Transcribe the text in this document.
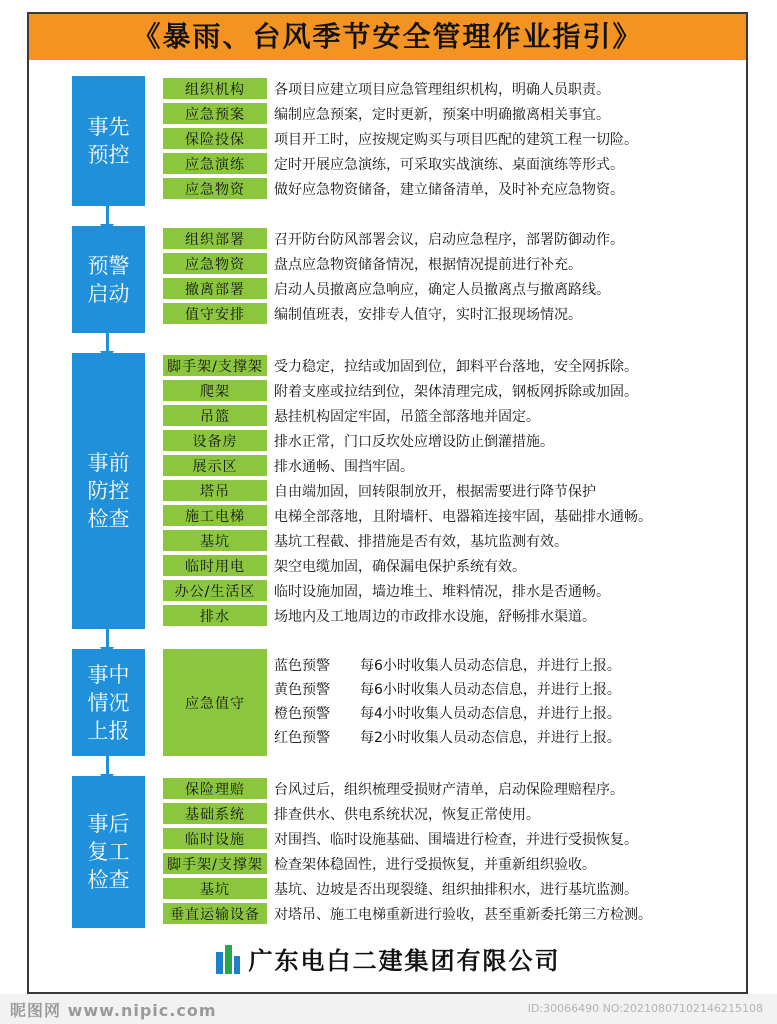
《暴雨、台风季节安全管理作业指引》
事先
预控
组织机构	各项目应建立项目应急管理组织机构，明确人员职责。
应急预案	编制应急预案，定时更新，预案中明确撤离相关事宜。
保险投保	项目开工时，应按规定购买与项目匹配的建筑工程一切险。
应急演练	定时开展应急演练，可采取实战演练、桌面演练等形式。
应急物资	做好应急物资储备，建立储备清单，及时补充应急物资。
预警
启动
组织部署	召开防台防风部署会议，启动应急程序，部署防御动作。
应急物资	盘点应急物资储备情况，根据情况提前进行补充。
撤离部署	启动人员撤离应急响应，确定人员撤离点与撤离路线。
值守安排	编制值班表，安排专人值守，实时汇报现场情况。
事前
防控
检查
脚手架/支撑架 受力稳定，拉结或加固到位，卸料平台落地，安全网拆除。
爬架	附着支座或拉结到位，架体清理完成，钢板网拆除或加固。
吊篮	悬挂机构固定牢固，吊篮全部落地并固定。
设备房	排水正常，门口反坎处应增设防止倒灌措施。
展示区	排水通畅、围挡牢固。
塔吊	自由端加固，回转限制放开，根据需要进行降节保护
施工电梯	电梯全部落地，且附墙杆、电器箱连接牢固，基础排水通畅。
基坑	基坑工程截、排措施是否有效，基坑监测有效。
临时用电	架空电缆加固，确保漏电保护系统有效。
办公/生活区	临时设施加固，墙边堆土、堆料情况，排水是否通畅。
排水	场地内及工地周边的市政排水设施，舒畅排水渠道。
事中
情况
上报
应急值守
蓝色预警	每6小时收集人员动态信息，并进行上报。
黄色预警	每6小时收集人员动态信息，并进行上报。
橙色预警	每4小时收集人员动态信息，并进行上报。
红色预警	每2小时收集人员动态信息，并进行上报。
事后
复工
检查
保险理赔	台风过后，组织梳理受损财产清单，启动保险理赔程序。
基础系统	排查供水、供电系统状况，恢复正常使用。
临时设施	对围挡、临时设施基础、围墙进行检查，并进行受损恢复。
脚手架/支撑架 检查架体稳固性，进行受损恢复，并重新组织验收。
基坑	基坑、边坡是否出现裂缝、组织抽排积水，进行基坑监测。
垂直运输设备	对塔吊、施工电梯重新进行验收，甚至重新委托第三方检测。
广东电白二建集团有限公司
昵图网 www.nipic.com	ID:30066490 NO:20210807102146215108
